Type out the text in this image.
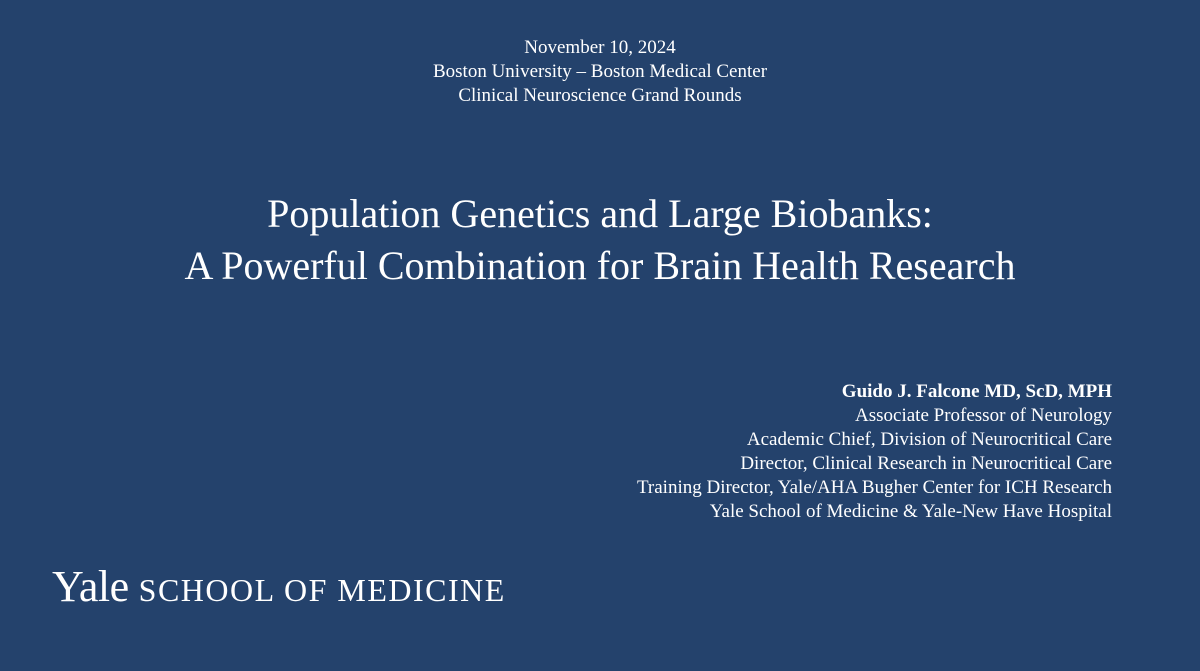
November 10, 2024
Boston University – Boston Medical Center
Clinical Neuroscience Grand Rounds
Population Genetics and Large Biobanks:
A Powerful Combination for Brain Health Research
Guido J. Falcone MD, ScD, MPH
Associate Professor of Neurology
Academic Chief, Division of Neurocritical Care
Director, Clinical Research in Neurocritical Care
Training Director, Yale/AHA Bugher Center for ICH Research
Yale School of Medicine & Yale-New Have Hospital
Yale SCHOOL OF MEDICINE
